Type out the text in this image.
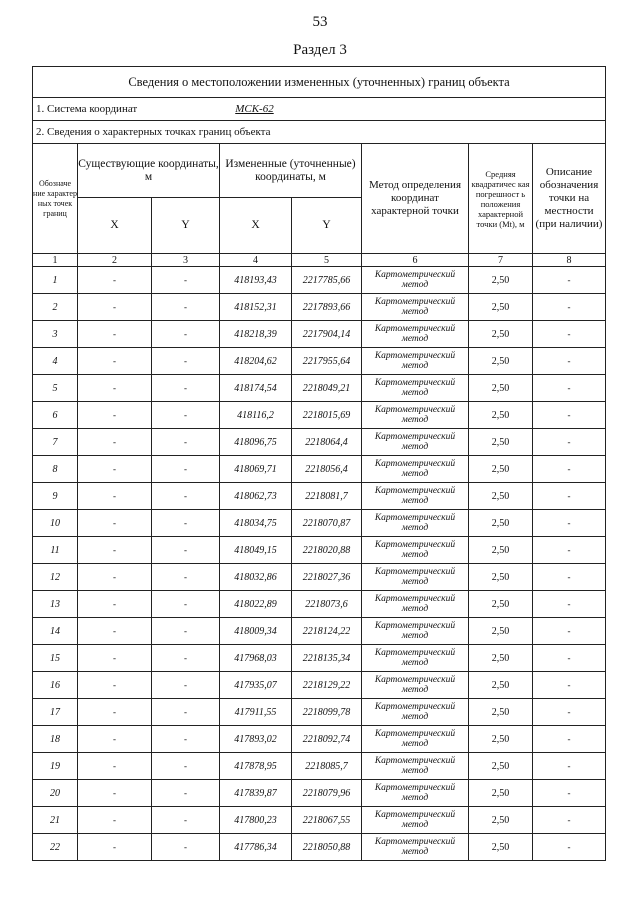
53
Раздел 3
Сведения о местоположении измененных (уточненных) границ объекта							
1. Система координат МСК-62							
2. Сведения о характерных точках границ объекта							
Обозначе ние характер ных точек границ	Существующие координаты, м		Измененные (уточненные) координаты, м		Метод определения координат характерной точки	Средняя квадратичес кая погрешност ь положения характерной точки (Mt), м	Описание обозначения точки на местности (при наличии)
	X	Y	X	Y			
1	2	3	4	5	6	7	8
1	-	-	418193,43	2217785,66	Картометрический метод	2,50	-
2	-	-	418152,31	2217893,66	Картометрический метод	2,50	-
3	-	-	418218,39	2217904,14	Картометрический метод	2,50	-
4	-	-	418204,62	2217955,64	Картометрический метод	2,50	-
5	-	-	418174,54	2218049,21	Картометрический метод	2,50	-
6	-	-	418116,2	2218015,69	Картометрический метод	2,50	-
7	-	-	418096,75	2218064,4	Картометрический метод	2,50	-
8	-	-	418069,71	2218056,4	Картометрический метод	2,50	-
9	-	-	418062,73	2218081,7	Картометрический метод	2,50	-
10	-	-	418034,75	2218070,87	Картометрический метод	2,50	-
11	-	-	418049,15	2218020,88	Картометрический метод	2,50	-
12	-	-	418032,86	2218027,36	Картометрический метод	2,50	-
13	-	-	418022,89	2218073,6	Картометрический метод	2,50	-
14	-	-	418009,34	2218124,22	Картометрический метод	2,50	-
15	-	-	417968,03	2218135,34	Картометрический метод	2,50	-
16	-	-	417935,07	2218129,22	Картометрический метод	2,50	-
17	-	-	417911,55	2218099,78	Картометрический метод	2,50	-
18	-	-	417893,02	2218092,74	Картометрический метод	2,50	-
19	-	-	417878,95	2218085,7	Картометрический метод	2,50	-
20	-	-	417839,87	2218079,96	Картометрический метод	2,50	-
21	-	-	417800,23	2218067,55	Картометрический метод	2,50	-
22	-	-	417786,34	2218050,88	Картометрический метод	2,50	-
